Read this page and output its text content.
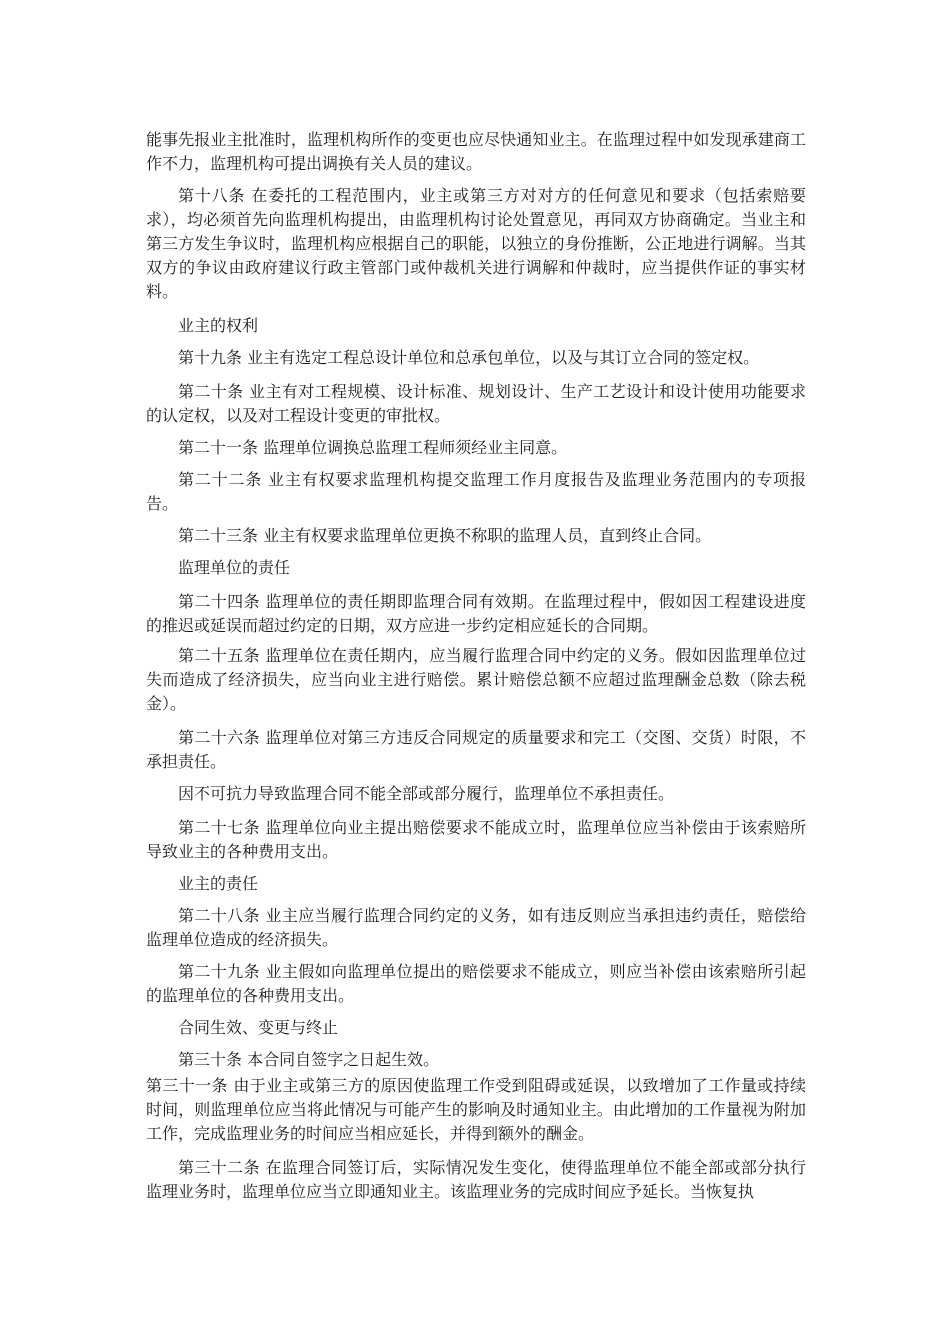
能事先报业主批准时，监理机构所作的变更也应尽快通知业主。在监理过程中如发现承建商工作不力，监理机构可提出调换有关人员的建议。

第十八条 在委托的工程范围内，业主或第三方对对方的任何意见和要求（包括索赔要求），均必须首先向监理机构提出，由监理机构讨论处置意见，再同双方协商确定。当业主和第三方发生争议时，监理机构应根据自己的职能，以独立的身份推断，公正地进行调解。当其双方的争议由政府建议行政主管部门或仲裁机关进行调解和仲裁时，应当提供作证的事实材料。

业主的权利

第十九条 业主有选定工程总设计单位和总承包单位，以及与其订立合同的签定权。

第二十条 业主有对工程规模、设计标准、规划设计、生产工艺设计和设计使用功能要求的认定权，以及对工程设计变更的审批权。

第二十一条 监理单位调换总监理工程师须经业主同意。

第二十二条 业主有权要求监理机构提交监理工作月度报告及监理业务范围内的专项报告。

第二十三条 业主有权要求监理单位更换不称职的监理人员，直到终止合同。

监理单位的责任

第二十四条 监理单位的责任期即监理合同有效期。在监理过程中，假如因工程建设进度的推迟或延误而超过约定的日期，双方应进一步约定相应延长的合同期。

第二十五条 监理单位在责任期内，应当履行监理合同中约定的义务。假如因监理单位过失而造成了经济损失，应当向业主进行赔偿。累计赔偿总额不应超过监理酬金总数（除去税金）。

第二十六条 监理单位对第三方违反合同规定的质量要求和完工（交图、交货）时限，不承担责任。

因不可抗力导致监理合同不能全部或部分履行，监理单位不承担责任。

第二十七条 监理单位向业主提出赔偿要求不能成立时，监理单位应当补偿由于该索赔所导致业主的各种费用支出。

业主的责任

第二十八条 业主应当履行监理合同约定的义务，如有违反则应当承担违约责任，赔偿给监理单位造成的经济损失。

第二十九条 业主假如向监理单位提出的赔偿要求不能成立，则应当补偿由该索赔所引起的监理单位的各种费用支出。

合同生效、变更与终止

第三十条 本合同自签字之日起生效。

第三十一条 由于业主或第三方的原因使监理工作受到阻碍或延误，以致增加了工作量或持续时间，则监理单位应当将此情况与可能产生的影响及时通知业主。由此增加的工作量视为附加工作，完成监理业务的时间应当相应延长，并得到额外的酬金。

第三十二条 在监理合同签订后，实际情况发生变化，使得监理单位不能全部或部分执行监理业务时，监理单位应当立即通知业主。该监理业务的完成时间应予延长。当恢复执
